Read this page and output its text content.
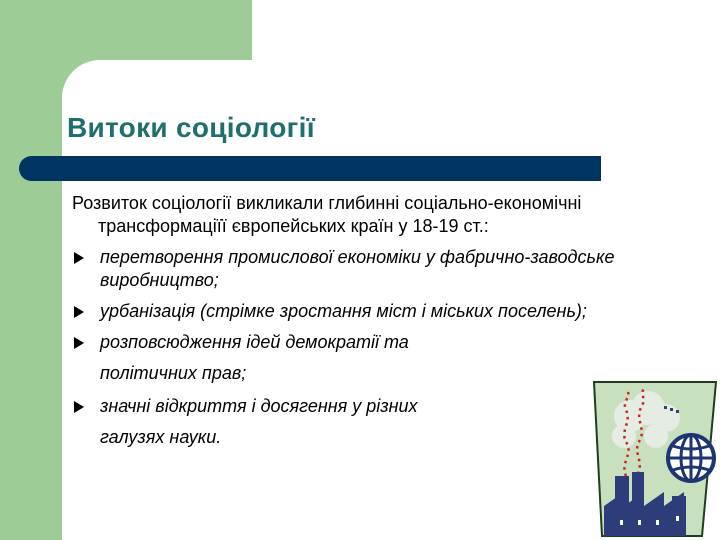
Витоки соціології

Розвиток соціології викликали глибинні соціально-економічні трансформаціїї європейських країн у 18-19 ст.:

перетворення промислової економіки у фабрично-заводське виробництво;
урбанізація (стрімке зростання міст і міських поселень);
розповсюдження ідей демократії та

політичних прав;

значні відкриття і досягення у різних

галузях науки.
